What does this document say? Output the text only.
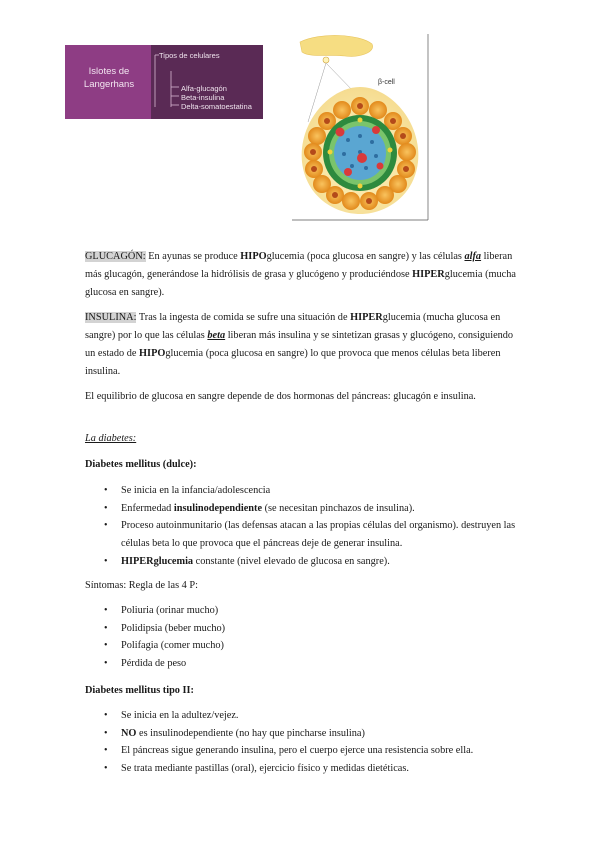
Islotes de Langerhans
Tipos de celulares
Alfa-glucagón
Beta-insulina
Delta-somatoestatina
β-cell
GLUCAGÓN: En ayunas se produce HIPOglucemia (poca glucosa en sangre) y las células alfa liberan más glucagón, generándose la hidrólisis de grasa y glucógeno y produciéndose HIPERglucemia (mucha glucosa en sangre).
INSULINA: Tras la ingesta de comida se sufre una situación de HIPERglucemia (mucha glucosa en sangre) por lo que las células beta liberan más insulina y se sintetizan grasas y glucógeno, consiguiendo un estado de HIPOglucemia (poca glucosa en sangre) lo que provoca que menos células beta liberen insulina.
El equilibrio de glucosa en sangre depende de dos hormonas del páncreas: glucagón e insulina.
La diabetes:
Diabetes mellitus (dulce):
• Se inicia en la infancia/adolescencia
• Enfermedad insulinodependiente (se necesitan pinchazos de insulina).
• Proceso autoinmunitario (las defensas atacan a las propias células del organismo). destruyen las células beta lo que provoca que el páncreas deje de generar insulina.
• HIPERglucemia constante (nivel elevado de glucosa en sangre).
Síntomas: Regla de las 4 P:
• Poliuria (orinar mucho)
• Polidipsia (beber mucho)
• Polifagia (comer mucho)
• Pérdida de peso
Diabetes mellitus tipo II:
• Se inicia en la adultez/vejez.
• NO es insulinodependiente (no hay que pincharse insulina)
• El páncreas sigue generando insulina, pero el cuerpo ejerce una resistencia sobre ella.
• Se trata mediante pastillas (oral), ejercicio físico y medidas dietéticas.
